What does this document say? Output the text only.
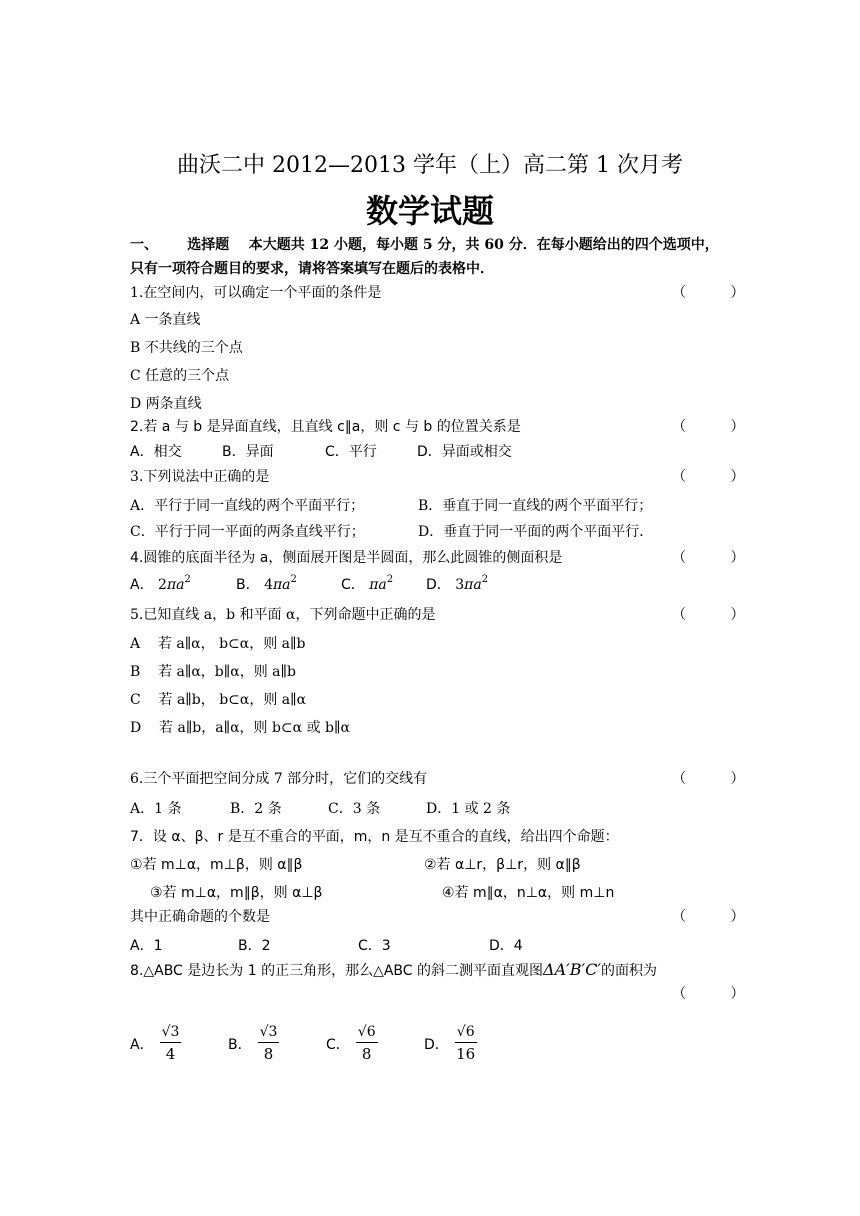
曲沃二中 2012—2013 学年（上）高二第 1 次月考
数学试题
一、      选择题    本大题共 12 小题，每小题 5 分，共 60 分．在每小题给出的四个选项中，
只有一项符合题目的要求，请将答案填写在题后的表格中．
1.在空间内，可以确定一个平面的条件是	（          ）
A 一条直线
B 不共线的三个点
C 任意的三个点
D 两条直线
2.若 a 与 b 是异面直线，且直线 c∥a，则 c 与 b 的位置关系是	（          ）
A．相交	B．异面	C．平行	D．异面或相交
3.下列说法中正确的是	（          ）
A．平行于同一直线的两个平面平行；	B．垂直于同一直线的两个平面平行；
C．平行于同一平面的两条直线平行；	D．垂直于同一平面的两个平面平行．
4.圆锥的底面半径为 a，侧面展开图是半圆面，那么此圆锥的侧面积是	（          ）
A． $2\pi a^2$	B． $4\pi a^2$	C． $\pi a^2$ D． $3\pi a^2$
5.已知直线 a，b 和平面 α，下列命题中正确的是	（          ）
A    若 a∥α， b⊂α，则 a∥b
B    若 a∥α，b∥α，则 a∥b
C    若 a∥b， b⊂α，则 a∥α
D    若 a∥b，a∥α，则 b⊂α 或 b∥α
6.三个平面把空间分成 7 部分时，它们的交线有	（          ）
A．1 条	B．2 条	C．3 条	D．1 或 2 条
7．设 α、β、r 是互不重合的平面，m，n 是互不重合的直线，给出四个命题：
①若 m⊥α，m⊥β，则 α∥β	②若 α⊥r，β⊥r，则 α∥β
③若 m⊥α，m∥β，则 α⊥β	④若 m∥α，n⊥α，则 m⊥n
其中正确命题的个数是	（          ）
A．1	B．2	C．3	D．4
8.△ABC 是边长为 1 的正三角形，那么△ABC 的斜二测平面直观图ΔA′B′C′的面积为
（          ）
A． $\frac{√3}{4}$	B． $\frac{√3}{8}$	C． $\frac{√6}{8}$	D． $\frac{√6}{16}$
